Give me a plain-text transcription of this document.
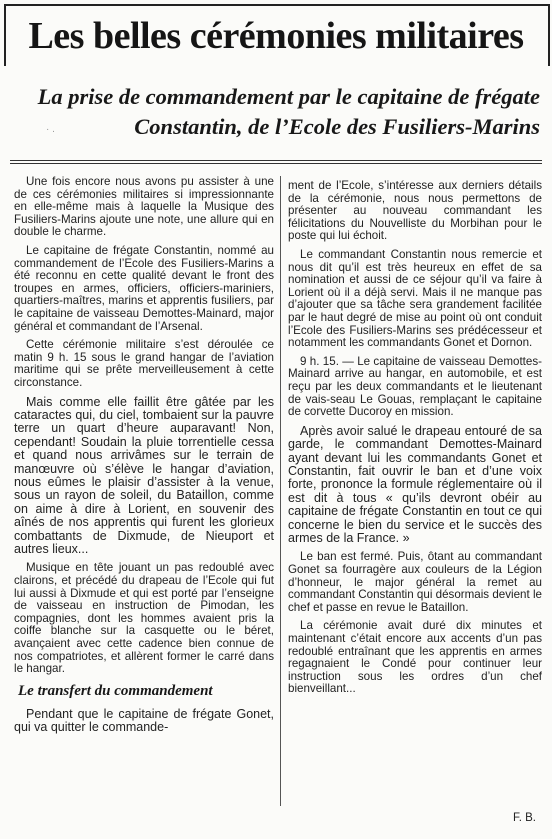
Les belles cérémonies militaires
· .
La prise de commandement par le capitaine de frégate
Constantin, de l’Ecole des Fusiliers-Marins

Une fois encore nous avons pu assister à une de ces cérémonies militaires si impressionnante en elle-même mais à laquelle la Musique des Fusiliers-Marins ajoute une note, une allure qui en double le charme.

Le capitaine de frégate Constantin, nommé au commandement de l’Ecole des Fusiliers-Marins a été reconnu en cette qualité devant le front des troupes en armes, officiers, officiers-mariniers, quartiers-maîtres, marins et apprentis fusiliers, par le capitaine de vaisseau Demottes-Mainard, major général et commandant de l’Arsenal.

Cette cérémonie militaire s’est déroulée ce matin 9 h. 15 sous le grand hangar de l’aviation maritime qui se prête merveilleusement à cette circonstance.

Mais comme elle faillit être gâtée par les cataractes qui, du ciel, tombaient sur la pauvre terre un quart d’heure auparavant! Non, cependant! Soudain la pluie torrentielle cessa et quand nous arrivâmes sur le terrain de manœuvre où s’élève le hangar d’aviation, nous eûmes le plaisir d’assister à la venue, sous un rayon de soleil, du Bataillon, comme on aime à dire à Lorient, en souvenir des aînés de nos apprentis qui furent les glorieux combattants de Dixmude, de Nieuport et autres lieux...

Musique en tête jouant un pas redoublé avec clairons, et précédé du drapeau de l’Ecole qui fut lui aussi à Dixmude et qui est porté par l’enseigne de vaisseau en instruction de Pimodan, les compagnies, dont les hommes avaient pris la coiffe blanche sur la casquette ou le béret, avançaient avec cette cadence bien connue de nos compatriotes, et allèrent former le carré dans le hangar.

Le transfert du commandement

Pendant que le capitaine de frégate Gonet, qui va quitter le commande-

ment de l’Ecole, s’intéresse aux derniers détails de la cérémonie, nous nous permettons de présenter au nouveau commandant les félicitations du Nouvelliste du Morbihan pour le poste qui lui échoit.

Le commandant Constantin nous remercie et nous dit qu’il est très heureux en effet de sa nomination et aussi de ce séjour qu’il va faire à Lorient où il a déjà servi. Mais il ne manque pas d’ajouter que sa tâche sera grandement facilitée par le haut degré de mise au point où ont conduit l’Ecole des Fusiliers-Marins ses prédécesseur et notamment les commandants Gonet et Dornon.

9 h. 15. — Le capitaine de vaisseau Demottes-Mainard arrive au hangar, en automobile, et est reçu par les deux commandants et le lieutenant de vais-seau Le Gouas, remplaçant le capitaine de corvette Ducoroy en mission.

Après avoir salué le drapeau entouré de sa garde, le commandant Demottes-Mainard ayant devant lui les commandants Gonet et Constantin, fait ouvrir le ban et d’une voix forte, prononce la formule réglementaire où il est dit à tous « qu’ils devront obéir au capitaine de frégate Constantin en tout ce qui concerne le bien du service et le succès des armes de la France. »

Le ban est fermé. Puis, ôtant au commandant Gonet sa fourragère aux couleurs de la Légion d’honneur, le major général la remet au commandant Constantin qui désormais devient le chef et passe en revue le Bataillon.

La cérémonie avait duré dix minutes et maintenant c’était encore aux accents d’un pas redoublé entraînant que les apprentis en armes regagnaient le Condé pour continuer leur instruction sous les ordres d’un chef bienveillant...

F. B.
